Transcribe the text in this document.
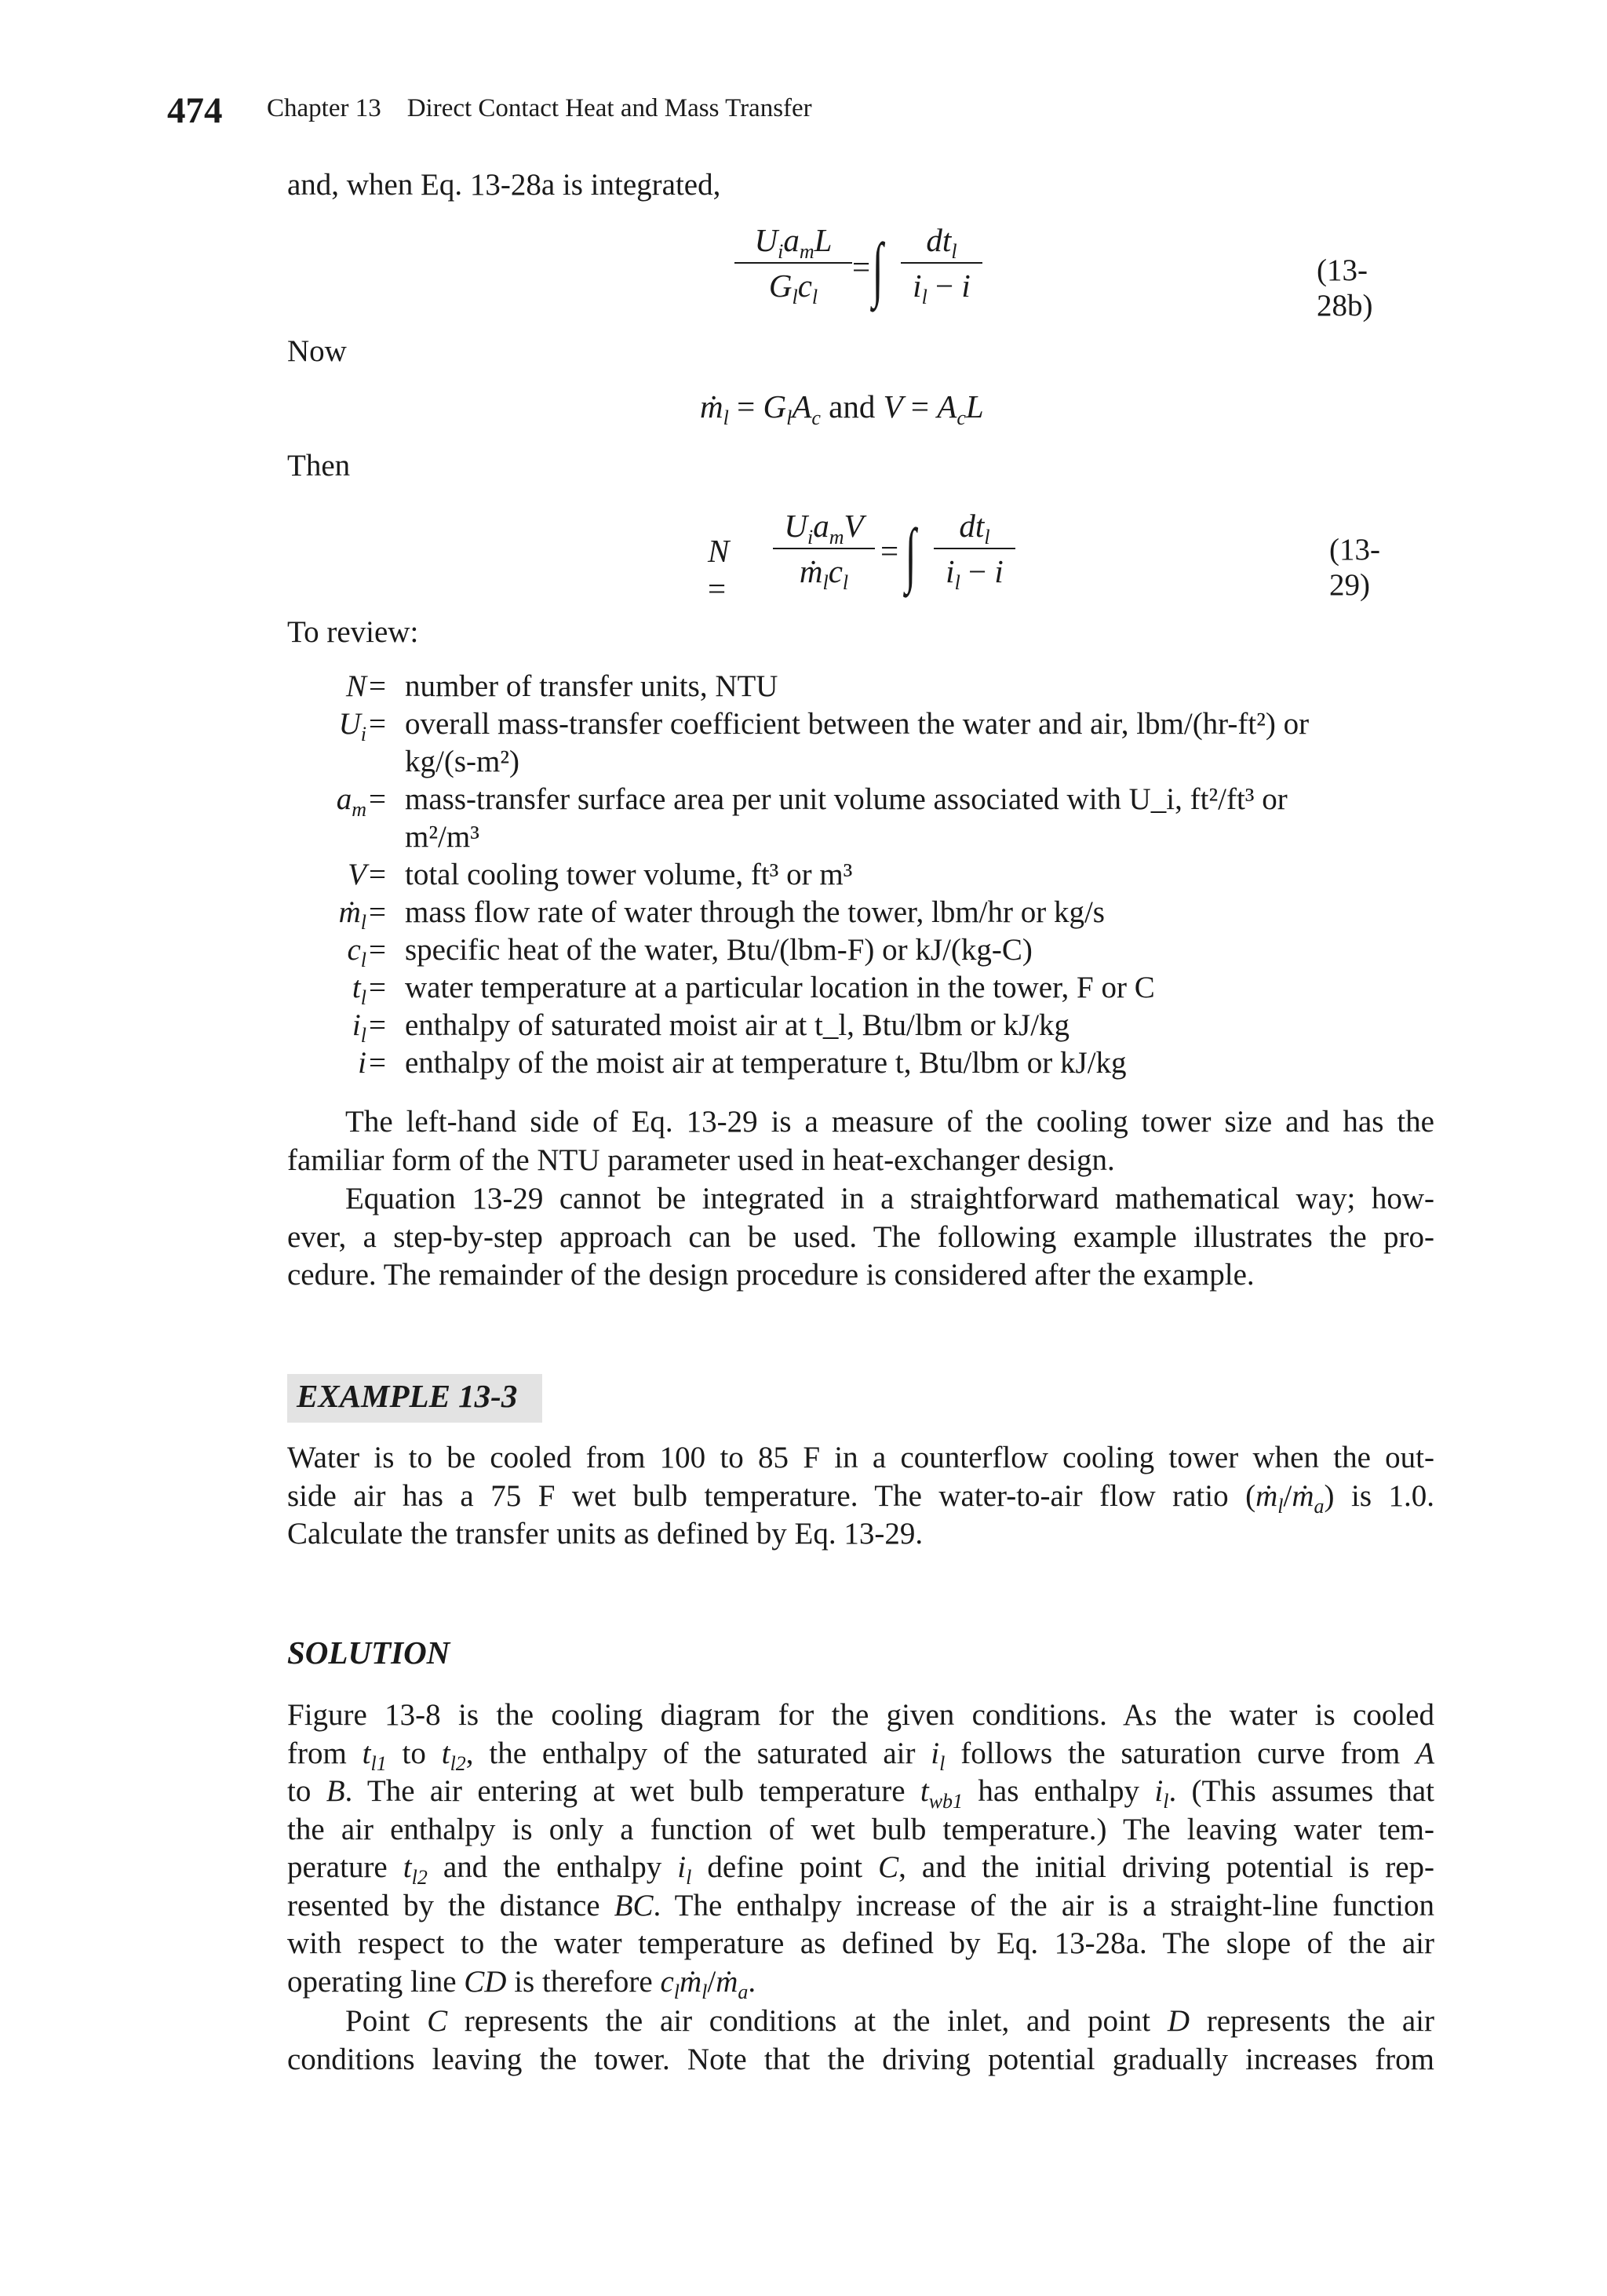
474 Chapter 13    Direct Contact Heat and Mass Transfer
and, when Eq. 13-28a is integrated,
$U_ia_mL$
$G_lc_l$
= ∫	$dt_l$
$i_l - i$	(13-28b)
Now
ṁ$_l$ = $G_lA_c$ and $V = A_cL$
Then
N =
$U_ia_mV$
$ṁ_lc_l$
= ∫	$dt_l$
$i_l - i$
(13-29)
To review:
N = number of transfer units, NTU
$U_i$ = overall mass-transfer coefficient between the water and air, lbm/(hr-ft²) or
kg/(s-m²)
$a_m$ = mass-transfer surface area per unit volume associated with U_i, ft²/ft³ or
m²/m³
V = total cooling tower volume, ft³ or m³
ṁ$_l$ = mass flow rate of water through the tower, lbm/hr or kg/s
$c_l$ = specific heat of the water, Btu/(lbm-F) or kJ/(kg-C)
$t_l$ = water temperature at a particular location in the tower, F or C
$i_l$ = enthalpy of saturated moist air at t_l, Btu/lbm or kJ/kg
i = enthalpy of the moist air at temperature t, Btu/lbm or kJ/kg
The left-hand side of Eq. 13-29 is a measure of the cooling tower size and has the
familiar form of the NTU parameter used in heat-exchanger design.
Equation 13-29 cannot be integrated in a straightforward mathematical way; how-
ever, a step-by-step approach can be used. The following example illustrates the pro-
cedure. The remainder of the design procedure is considered after the example.
EXAMPLE 13-3
Water is to be cooled from 100 to 85 F in a counterflow cooling tower when the out-
side air has a 75 F wet bulb temperature. The water-to-air flow ratio (ṁ$_l$/ṁ$_a$) is 1.0.
Calculate the transfer units as defined by Eq. 13-29.
SOLUTION
Figure 13-8 is the cooling diagram for the given conditions. As the water is cooled
from $t_{l1}$ to $t_{l2}$, the enthalpy of the saturated air $i_l$ follows the saturation curve from A
to B. The air entering at wet bulb temperature $t_{wb1}$ has enthalpy $i_l$. (This assumes that
the air enthalpy is only a function of wet bulb temperature.) The leaving water tem-
perature $t_{l2}$ and the enthalpy $i_l$ define point C, and the initial driving potential is rep-
resented by the distance BC. The enthalpy increase of the air is a straight-line function
with respect to the water temperature as defined by Eq. 13-28a. The slope of the air
operating line CD is therefore $c_lṁ_l/ṁ_a$.
Point C represents the air conditions at the inlet, and point D represents the air
conditions leaving the tower. Note that the driving potential gradually increases from
